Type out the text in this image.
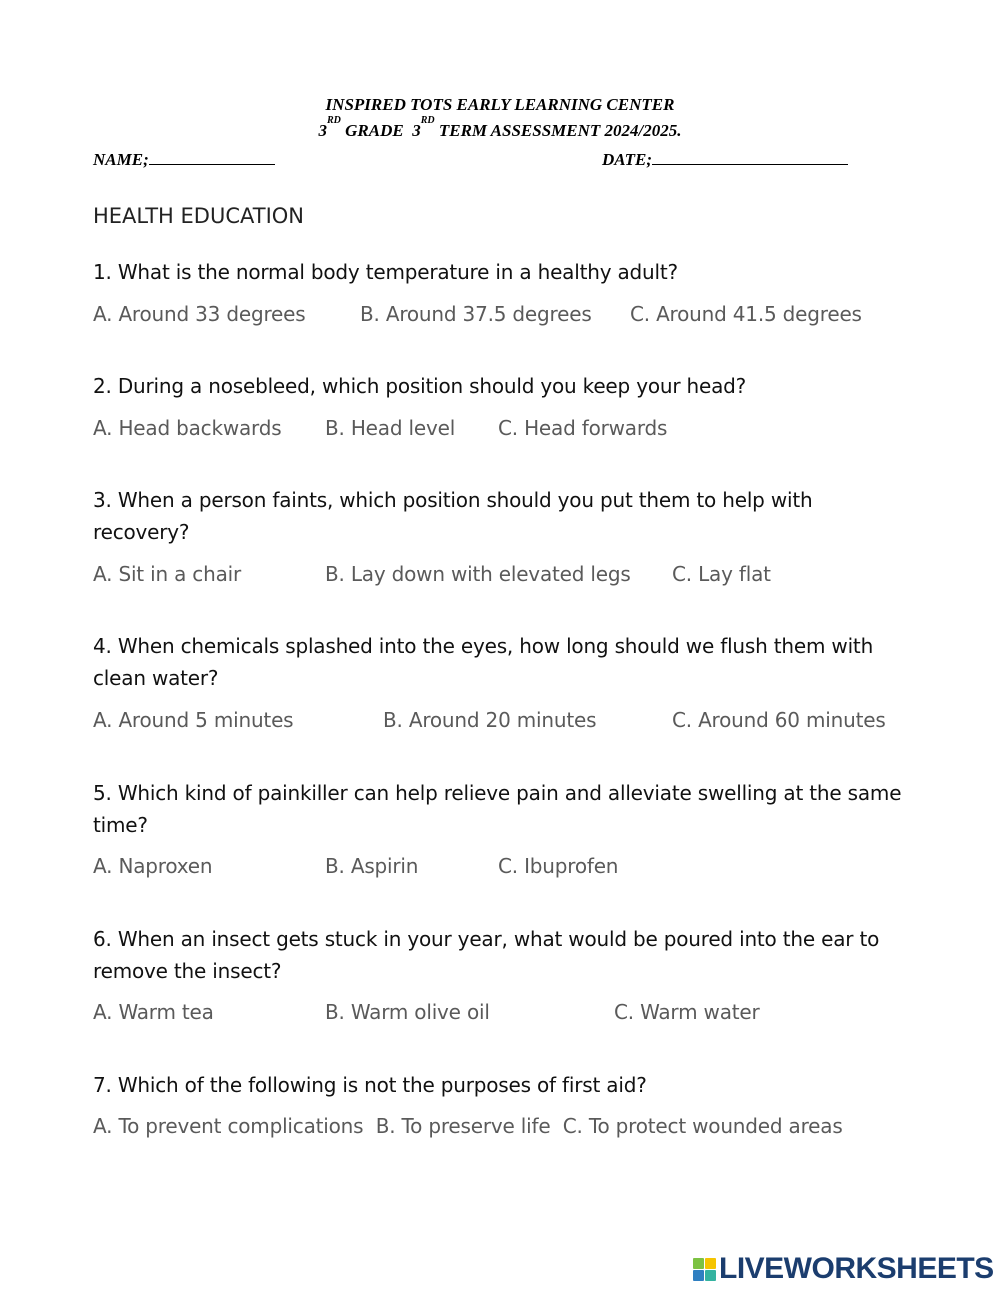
INSPIRED TOTS EARLY LEARNING CENTER
3RD GRADE 3RD TERM ASSESSMENT 2024/2025.
NAME;	DATE;
HEALTH EDUCATION
1. What is the normal body temperature in a healthy adult?
A. Around 33 degrees	B. Around 37.5 degrees C. Around 41.5 degrees
2. During a nosebleed, which position should you keep your head?
A. Head backwards B. Head level C. Head forwards
3. When a person faints, which position should you put them to help with recovery?
A. Sit in a chair	B. Lay down with elevated legs C. Lay flat
4. When chemicals splashed into the eyes, how long should we flush them with clean water?
A. Around 5 minutes	B. Around 20 minutes	C. Around 60 minutes
5. Which kind of painkiller can help relieve pain and alleviate swelling at the same time?
A. Naproxen	B. Aspirin	C. Ibuprofen
6. When an insect gets stuck in your year, what would be poured into the ear to remove the insect?
A. Warm tea	B. Warm olive oil	C. Warm water
7. Which of the following is not the purposes of first aid?
A. To prevent complications B. To preserve life C. To protect wounded areas
LIVEWORKSHEETS
